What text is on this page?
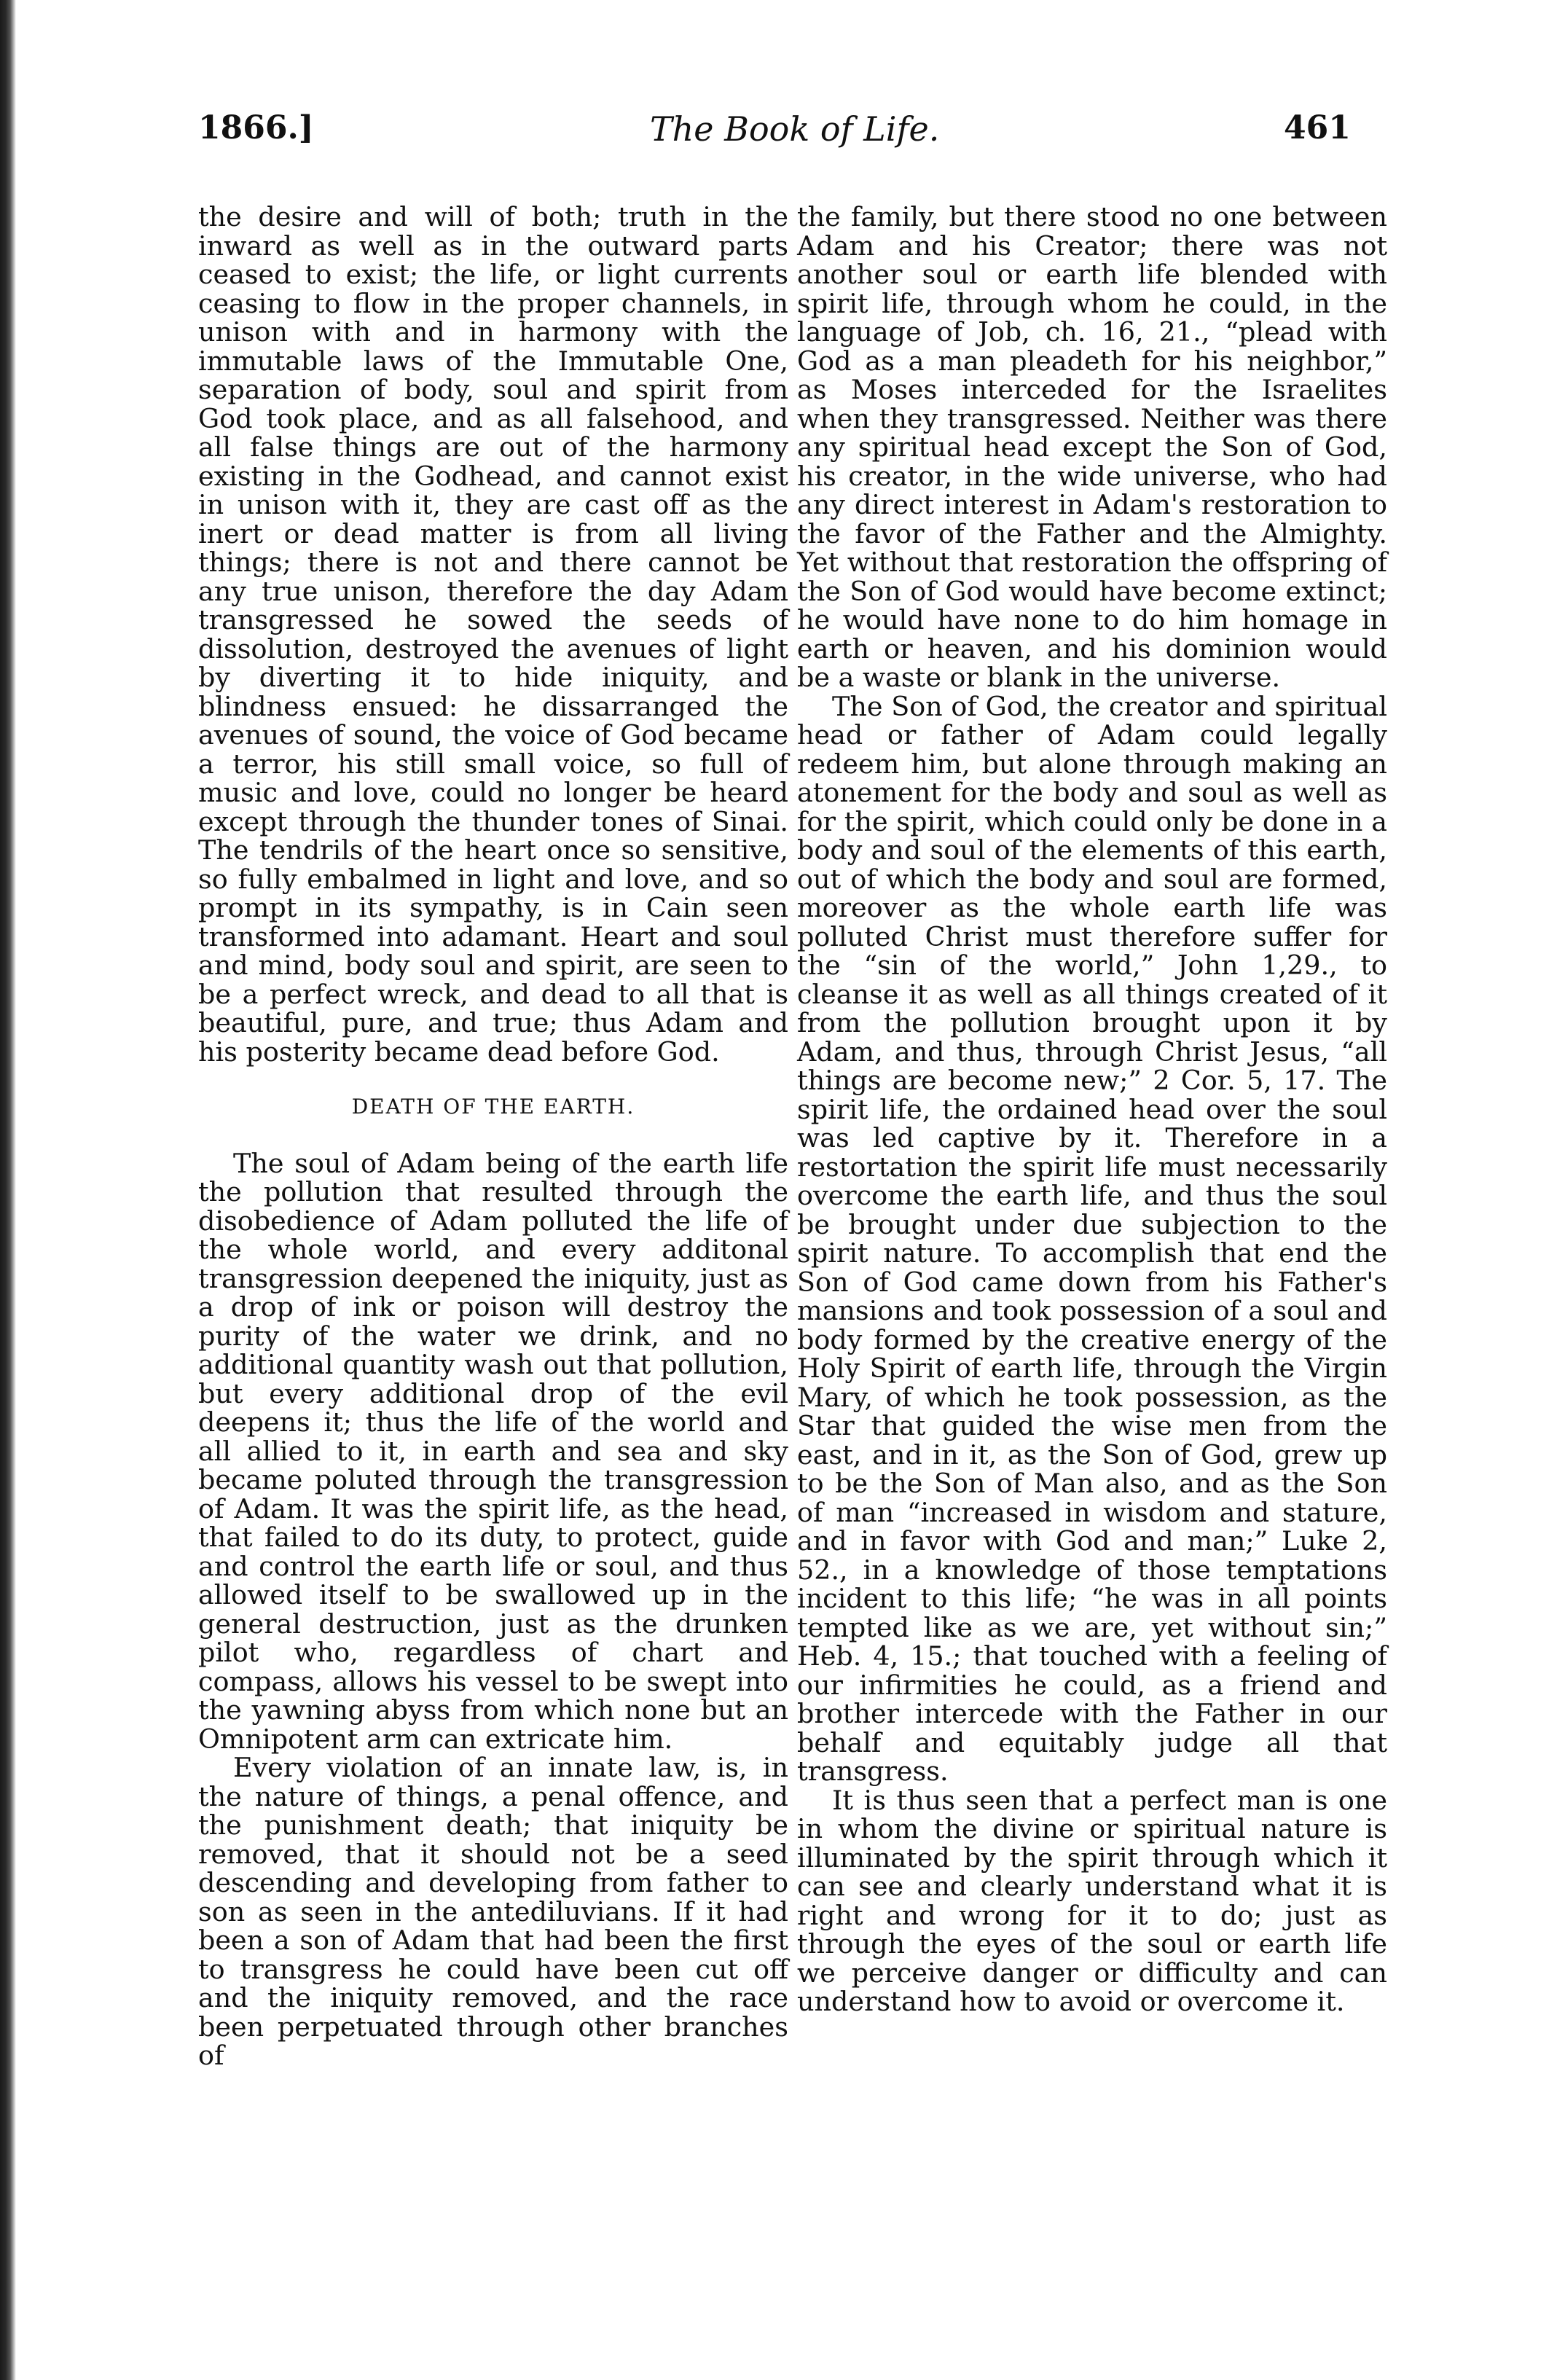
1866.]	The Book of Life.	461

the desire and will of both; truth in the inward as well as in the outward parts ceased to exist; the life, or light currents ceasing to flow in the proper channels, in unison with and in harmony with the immutable laws of the Immutable One, separation of body, soul and spirit from God took place, and as all falsehood, and all false things are out of the harmony existing in the Godhead, and cannot exist in unison with it, they are cast off as the inert or dead matter is from all living things; there is not and there cannot be any true unison, therefore the day Adam transgressed he sowed the seeds of dissolution, destroyed the avenues of light by diverting it to hide iniquity, and blindness ensued: he dissarranged the avenues of sound, the voice of God became a terror, his still small voice, so full of music and love, could no longer be heard except through the thunder tones of Sinai. The tendrils of the heart once so sensitive, so fully embalmed in light and love, and so prompt in its sympathy, is in Cain seen transformed into adamant. Heart and soul and mind, body soul and spirit, are seen to be a perfect wreck, and dead to all that is beautiful, pure, and true; thus Adam and his posterity became dead before God.

DEATH OF THE EARTH.

The soul of Adam being of the earth life the pollution that resulted through the disobedience of Adam polluted the life of the whole world, and every additonal transgression deepened the iniquity, just as a drop of ink or poison will destroy the purity of the water we drink, and no additional quantity wash out that pollution, but every additional drop of the evil deepens it; thus the life of the world and all allied to it, in earth and sea and sky became poluted through the transgression of Adam. It was the spirit life, as the head, that failed to do its duty, to protect, guide and control the earth life or soul, and thus allowed itself to be swallowed up in the general destruction, just as the drunken pilot who, regardless of chart and compass, allows his vessel to be swept into the yawning abyss from which none but an Omnipotent arm can extricate him.

Every violation of an innate law, is, in the nature of things, a penal offence, and the punishment death; that iniquity be removed, that it should not be a seed descending and developing from father to son as seen in the antediluvians. If it had been a son of Adam that had been the first to transgress he could have been cut off and the iniquity removed, and the race been perpetuated through other branches of

the family, but there stood no one between Adam and his Creator; there was not another soul or earth life blended with spirit life, through whom he could, in the language of Job, ch. 16, 21., “plead with God as a man pleadeth for his neighbor,” as Moses interceded for the Israelites when they transgressed. Neither was there any spiritual head except the Son of God, his creator, in the wide universe, who had any direct interest in Adam's restoration to the favor of the Father and the Almighty. Yet without that restoration the offspring of the Son of God would have become extinct; he would have none to do him homage in earth or heaven, and his dominion would be a waste or blank in the universe.

The Son of God, the creator and spiritual head or father of Adam could legally redeem him, but alone through making an atonement for the body and soul as well as for the spirit, which could only be done in a body and soul of the elements of this earth, out of which the body and soul are formed, moreover as the whole earth life was polluted Christ must therefore suffer for the “sin of the world,” John 1,29., to cleanse it as well as all things created of it from the pollution brought upon it by Adam, and thus, through Christ Jesus, “all things are become new;” 2 Cor. 5, 17. The spirit life, the ordained head over the soul was led captive by it. Therefore in a restortation the spirit life must necessarily overcome the earth life, and thus the soul be brought under due subjection to the spirit nature. To accomplish that end the Son of God came down from his Father's mansions and took possession of a soul and body formed by the creative energy of the Holy Spirit of earth life, through the Virgin Mary, of which he took possession, as the Star that guided the wise men from the east, and in it, as the Son of God, grew up to be the Son of Man also, and as the Son of man “increased in wisdom and stature, and in favor with God and man;” Luke 2, 52., in a knowledge of those temptations incident to this life; “he was in all points tempted like as we are, yet without sin;” Heb. 4, 15.; that touched with a feeling of our infirmities he could, as a friend and brother intercede with the Father in our behalf and equitably judge all that transgress.

It is thus seen that a perfect man is one in whom the divine or spiritual nature is illuminated by the spirit through which it can see and clearly understand what it is right and wrong for it to do; just as through the eyes of the soul or earth life we perceive danger or difficulty and can understand how to avoid or overcome it.
